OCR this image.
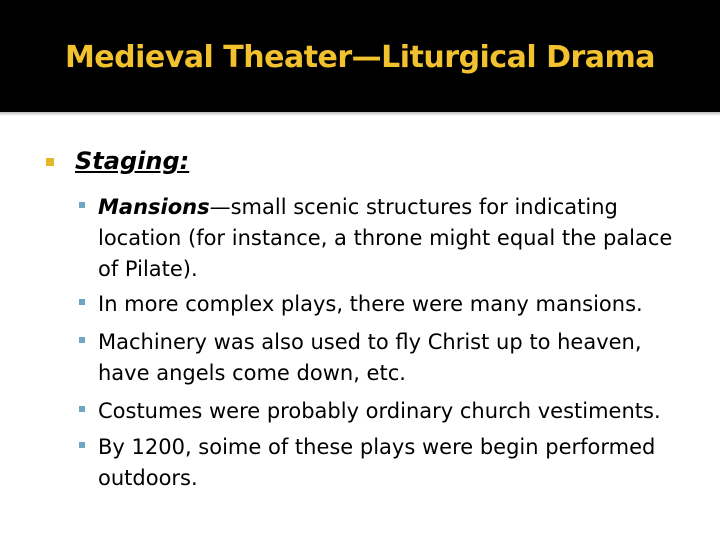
Medieval Theater—Liturgical Drama
Staging:
Mansions—small scenic structures for indicating location (for instance, a throne might equal the palace of Pilate).
In more complex plays, there were many mansions.
Machinery was also used to fly Christ up to heaven, have angels come down, etc.
Costumes were probably ordinary church vestiments.
By 1200, soime of these plays were begin performed outdoors.
